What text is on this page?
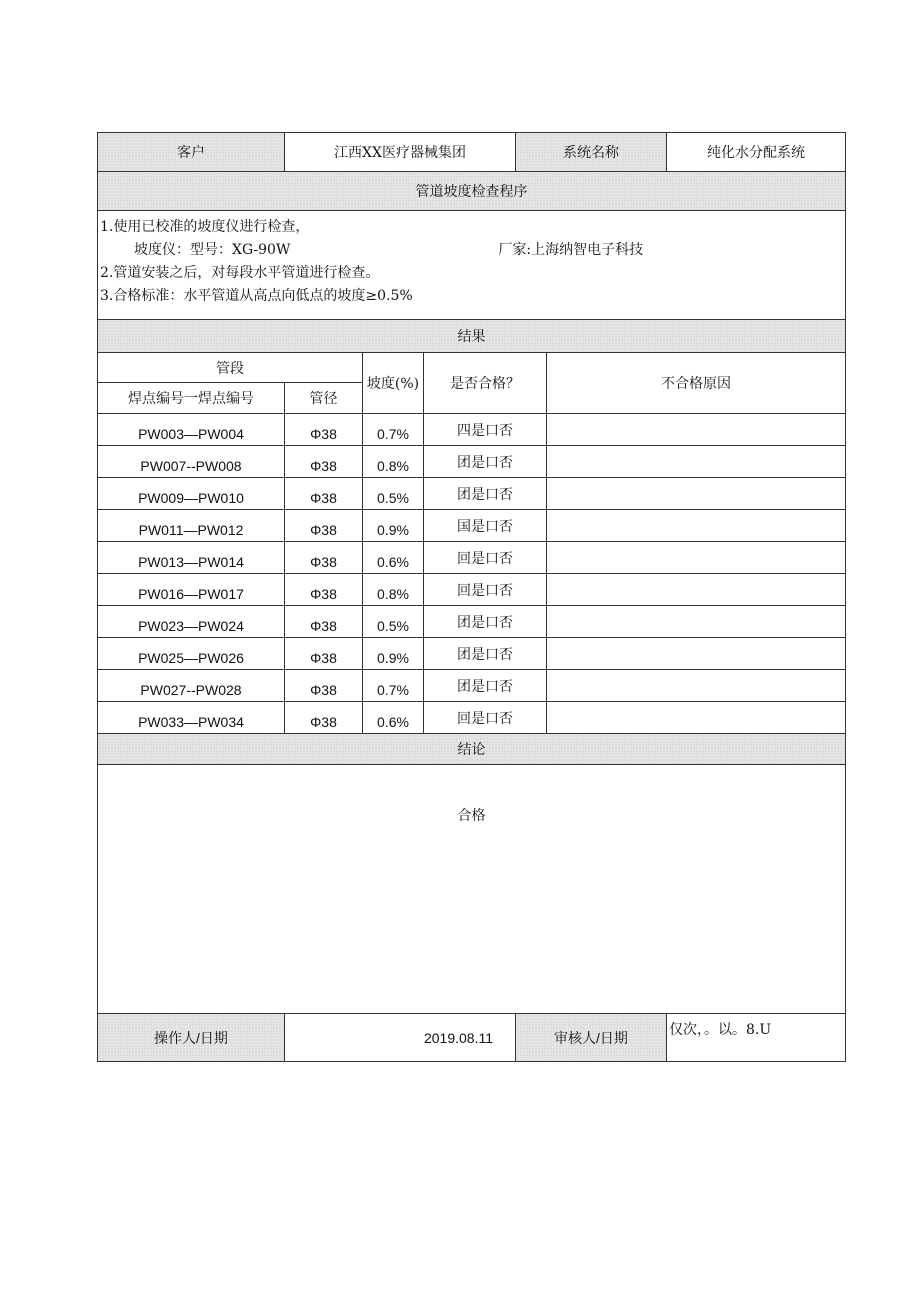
客户	江西XX医疗器械集团			系统名称		纯化水分配系统
管道坡度检查程序						

1.使用已校准的坡度仪进行检查，
坡度仪：型号：XG-90W 厂家:上海纳智电子科技
2.管道安装之后，对每段水平管道进行检查。
3.合格标准：水平管道从高点向低点的坡度≥0.5%						

结果						
管段		坡度(%)	是否合格？		不合格原因	
焊点编号一焊点编号	管径					
PW003—PW004	Φ38	0.7%	四是口否			
PW007--PW008	Φ38	0.8%	团是口否			
PW009—PW010	Φ38	0.5%	团是口否			
PW011—PW012	Φ38	0.9%	国是口否			
PW013—PW014	Φ38	0.6%	回是口否			
PW016—PW017	Φ38	0.8%	回是口否			
PW023—PW024	Φ38	0.5%	团是口否			
PW025—PW026	Φ38	0.9%	团是口否			
PW027--PW028	Φ38	0.7%	团是口否			
PW033—PW034	Φ38	0.6%	回是口否			
结论						
合格						
操作人/日期	2019.08.11			审核人/日期		仅次，。以。8.U
